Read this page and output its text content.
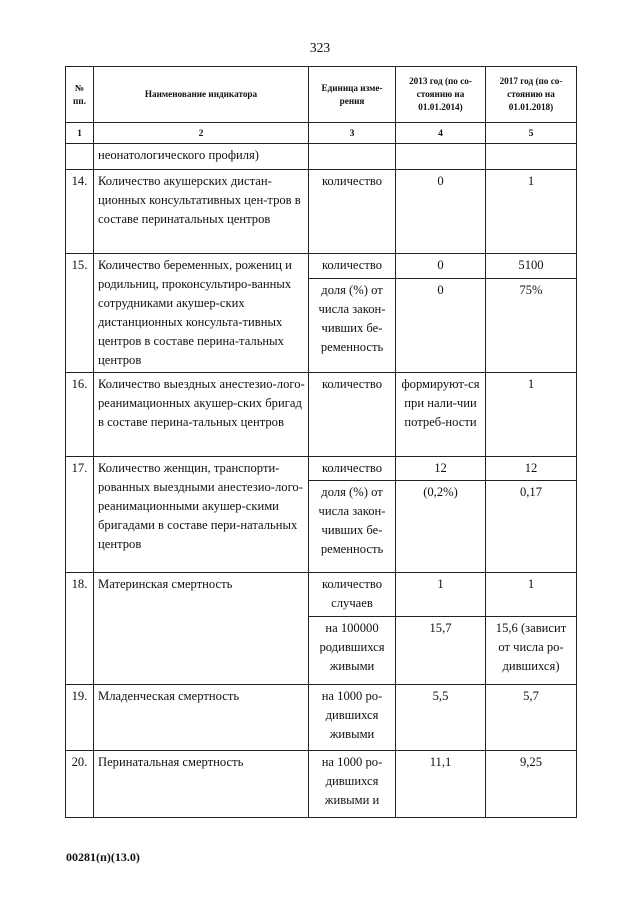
323
№ пп.	Наименование индикатора	Единица изме-рения	2013 год (по со-стоянию на 01.01.2014)	2017 год (по со-стоянию на 01.01.2018)
1	2	3	4	5
	неонатологического профиля)			
14.	Количество акушерских дистан-ционных консультативных цен-тров в составе перинатальных центров	количество	0	1
15.	Количество беременных, рожениц и родильниц, проконсультиро-ванных сотрудниками акушер-ских дистанционных консульта-тивных центров в составе перина-тальных центров	количество	0	5100
		доля (%) от числа закон-чивших бе-ременность	0	75%
16.	Количество выездных анестезио-лого-реанимационных акушер-ских бригад в составе перина-тальных центров	количество	формируют-ся при нали-чии потреб-ности	1
17.	Количество женщин, транспорти-рованных выездными анестезио-лого-реанимационными акушер-скими бригадами в составе пери-натальных центров	количество	12	12
		доля (%) от числа закон-чивших бе-ременность	(0,2%)	0,17
18.	Материнская смертность	количество случаев	1	1
		на 100000 родившихся живыми	15,7	15,6 (зависит от числа ро-дившихся)
19.	Младенческая смертность	на 1000 ро-дившихся живыми	5,5	5,7
20.	Перинатальная смертность	на 1000 ро-дившихся живыми и	11,1	9,25
00281(п)(13.0)
